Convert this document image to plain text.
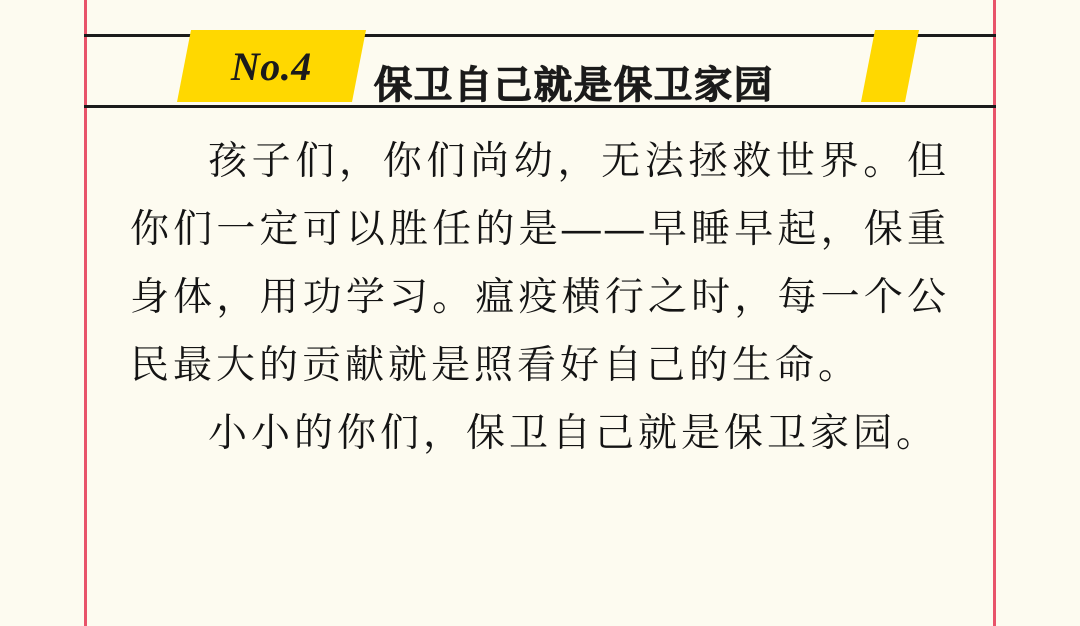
No.4 保卫自己就是保卫家园

孩子们，你们尚幼，无法拯救世界。但你们一定可以胜任的是——早睡早起，保重身体，用功学习。瘟疫横行之时，每一个公民最大的贡献就是照看好自己的生命。

小小的你们，保卫自己就是保卫家园。
